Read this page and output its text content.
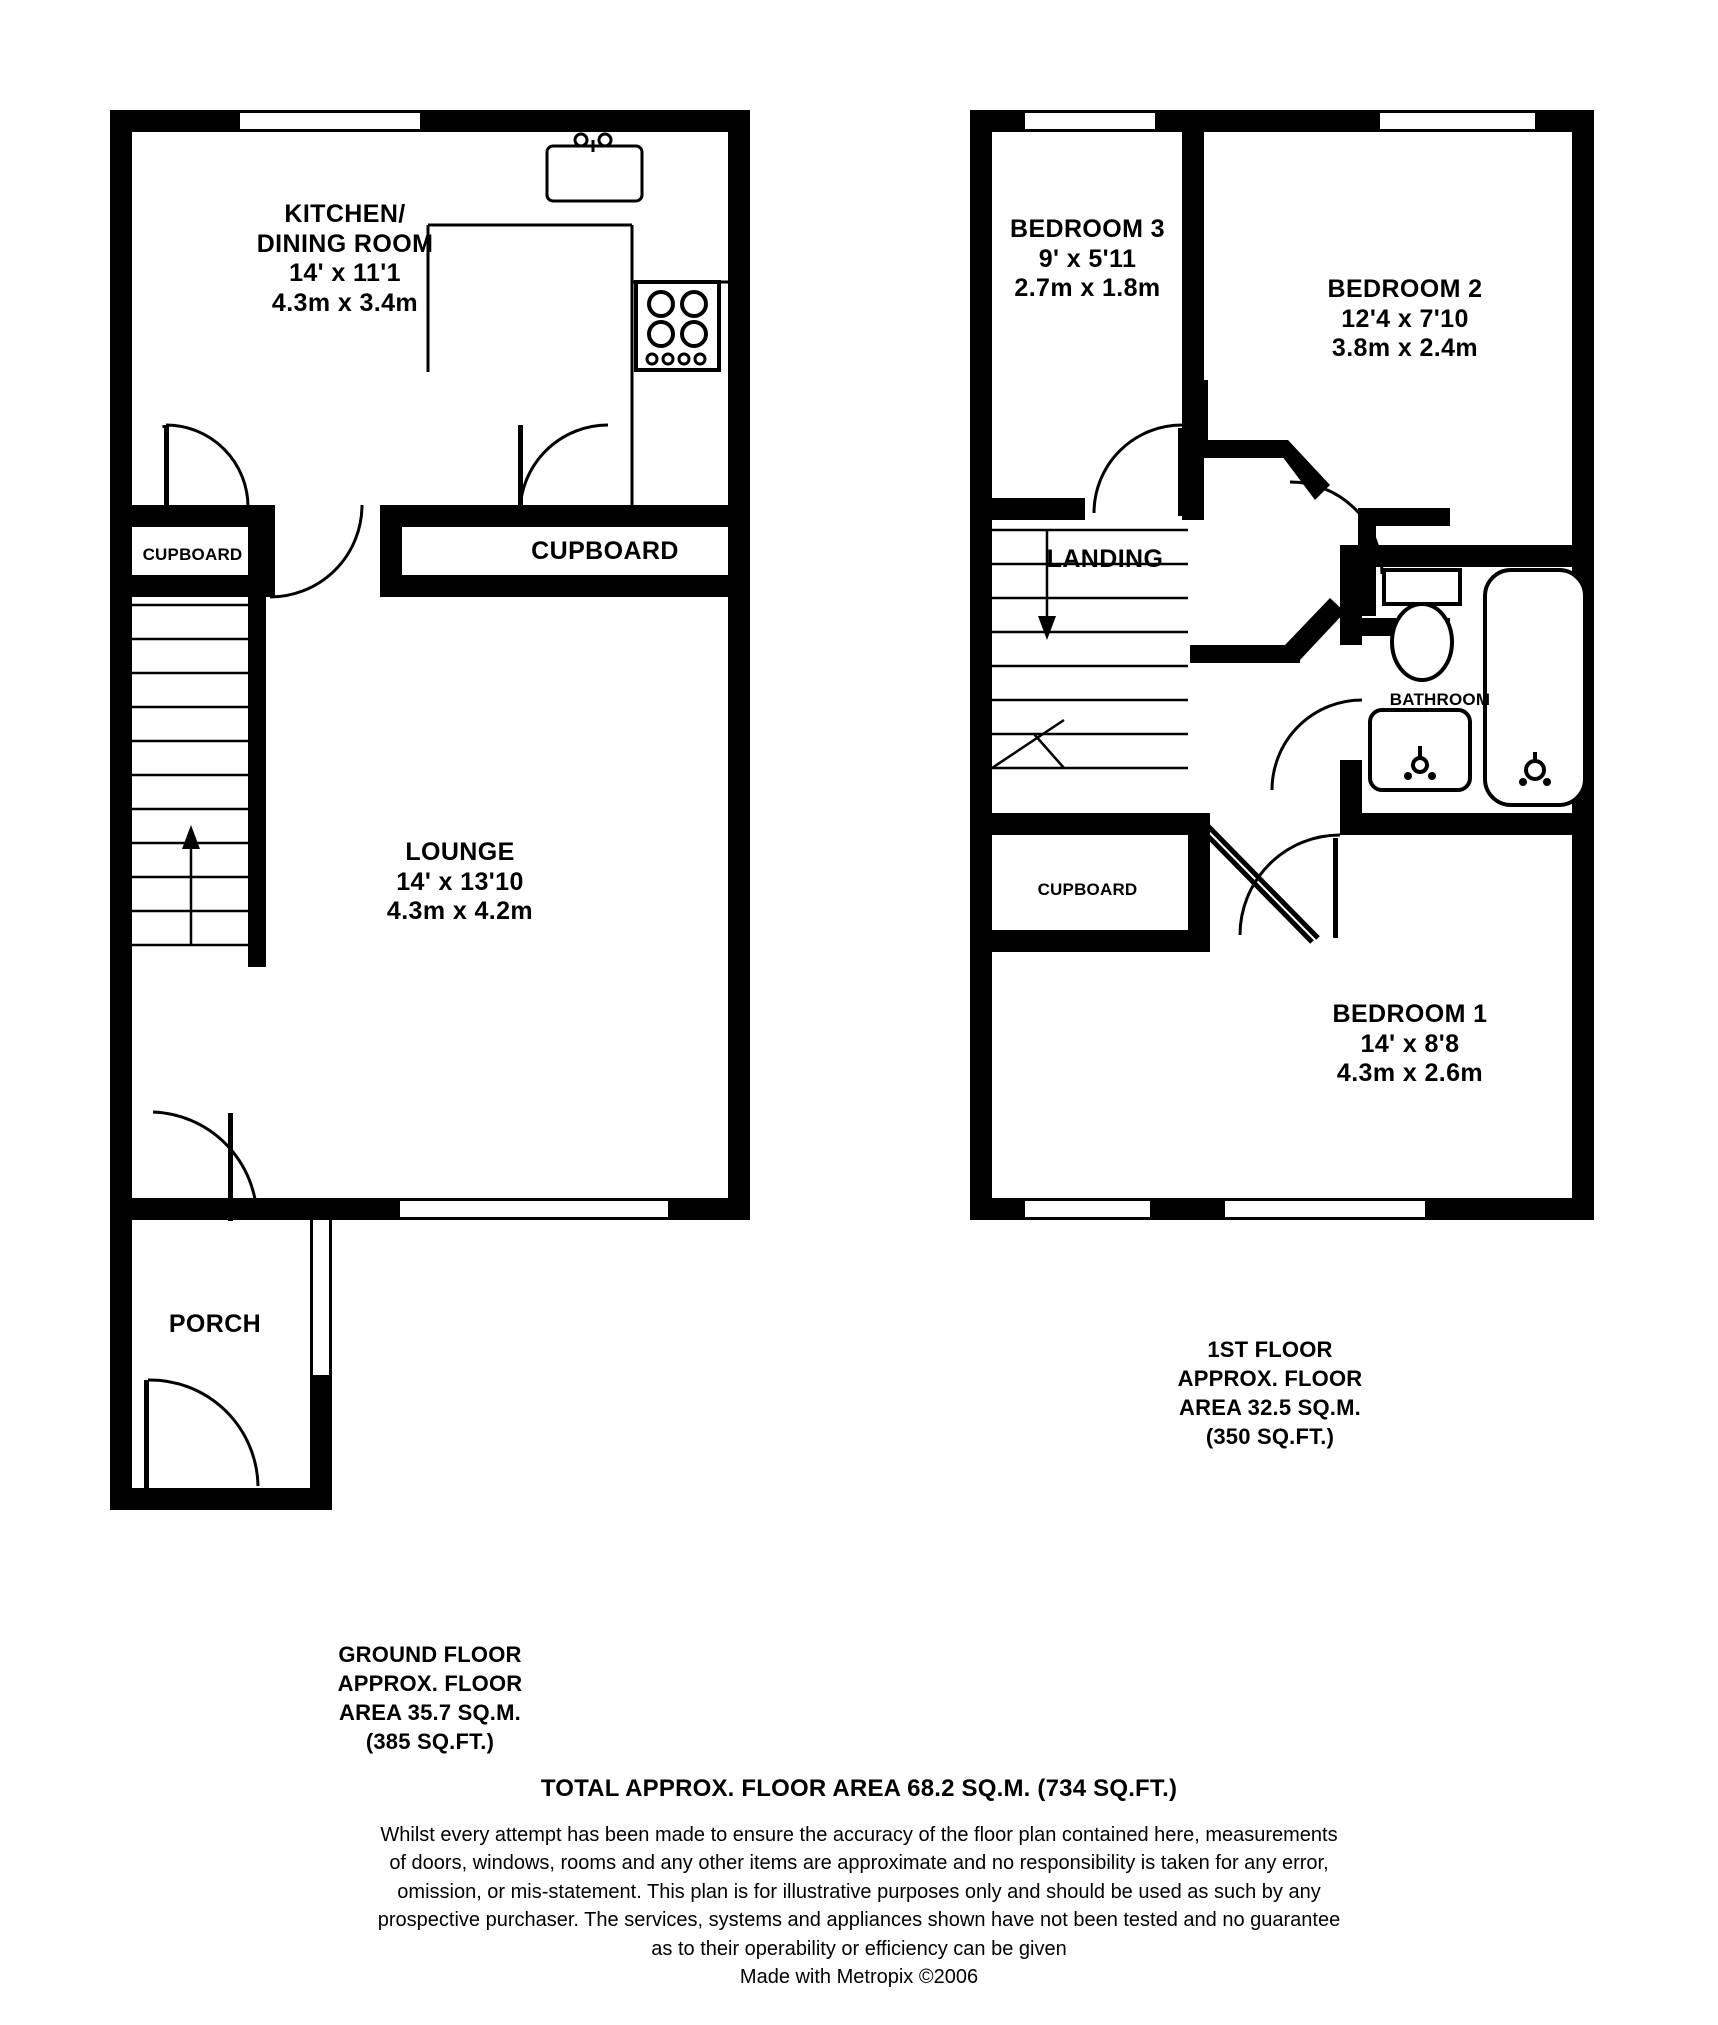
KITCHEN/
DINING ROOM
14' x 11'1
4.3m x 3.4m
CUPBOARD	CUPBOARD
LOUNGE
14' x 13'10
4.3m x 4.2m
PORCH
BEDROOM 3
9' x 5'11
2.7m x 1.8m	BEDROOM 2
12'4 x 7'10
3.8m x 2.4m
LANDING
BATHROOM
CUPBOARD
BEDROOM 1
14' x 8'8
4.3m x 2.6m
1ST FLOOR
APPROX. FLOOR
AREA 32.5 SQ.M.
(350 SQ.FT.)
GROUND FLOOR
APPROX. FLOOR
AREA 35.7 SQ.M.
(385 SQ.FT.)
TOTAL APPROX. FLOOR AREA 68.2 SQ.M. (734 SQ.FT.)
Whilst every attempt has been made to ensure the accuracy of the floor plan contained here, measurements
of doors, windows, rooms and any other items are approximate and no responsibility is taken for any error,
omission, or mis-statement. This plan is for illustrative purposes only and should be used as such by any
prospective purchaser. The services, systems and appliances shown have not been tested and no guarantee
as to their operability or efficiency can be given
Made with Metropix ©2006
